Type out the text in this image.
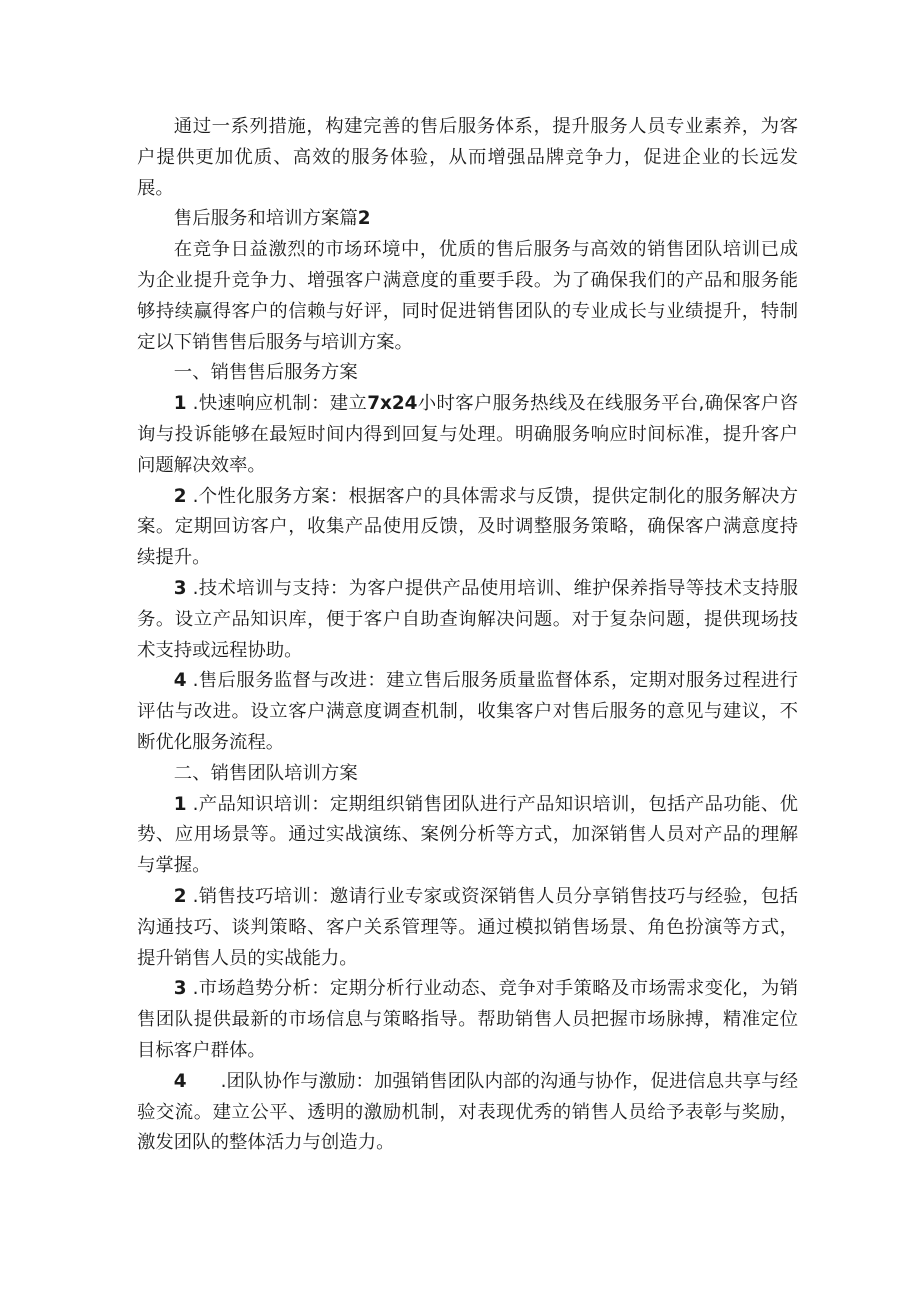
通过一系列措施，构建完善的售后服务体系，提升服务人员专业素养，为客户提供更加优质、高效的服务体验，从而增强品牌竞争力，促进企业的长远发展。

售后服务和培训方案篇2

在竞争日益激烈的市场环境中，优质的售后服务与高效的销售团队培训已成为企业提升竞争力、增强客户满意度的重要手段。为了确保我们的产品和服务能够持续赢得客户的信赖与好评，同时促进销售团队的专业成长与业绩提升，特制定以下销售售后服务与培训方案。

一、销售售后服务方案

1 .快速响应机制：建立7x24小时客户服务热线及在线服务平台,确保客户咨询与投诉能够在最短时间内得到回复与处理。明确服务响应时间标准，提升客户问题解决效率。

2 .个性化服务方案：根据客户的具体需求与反馈，提供定制化的服务解决方案。定期回访客户，收集产品使用反馈，及时调整服务策略，确保客户满意度持续提升。

3 .技术培训与支持：为客户提供产品使用培训、维护保养指导等技术支持服务。设立产品知识库，便于客户自助查询解决问题。对于复杂问题，提供现场技术支持或远程协助。

4 .售后服务监督与改进：建立售后服务质量监督体系，定期对服务过程进行评估与改进。设立客户满意度调查机制，收集客户对售后服务的意见与建议，不断优化服务流程。

二、销售团队培训方案

1 .产品知识培训：定期组织销售团队进行产品知识培训，包括产品功能、优势、应用场景等。通过实战演练、案例分析等方式，加深销售人员对产品的理解与掌握。

2 .销售技巧培训：邀请行业专家或资深销售人员分享销售技巧与经验，包括沟通技巧、谈判策略、客户关系管理等。通过模拟销售场景、角色扮演等方式，提升销售人员的实战能力。

3 .市场趋势分析：定期分析行业动态、竞争对手策略及市场需求变化，为销售团队提供最新的市场信息与策略指导。帮助销售人员把握市场脉搏，精准定位目标客户群体。

4 .团队协作与激励：加强销售团队内部的沟通与协作，促进信息共享与经验交流。建立公平、透明的激励机制，对表现优秀的销售人员给予表彰与奖励，激发团队的整体活力与创造力。
